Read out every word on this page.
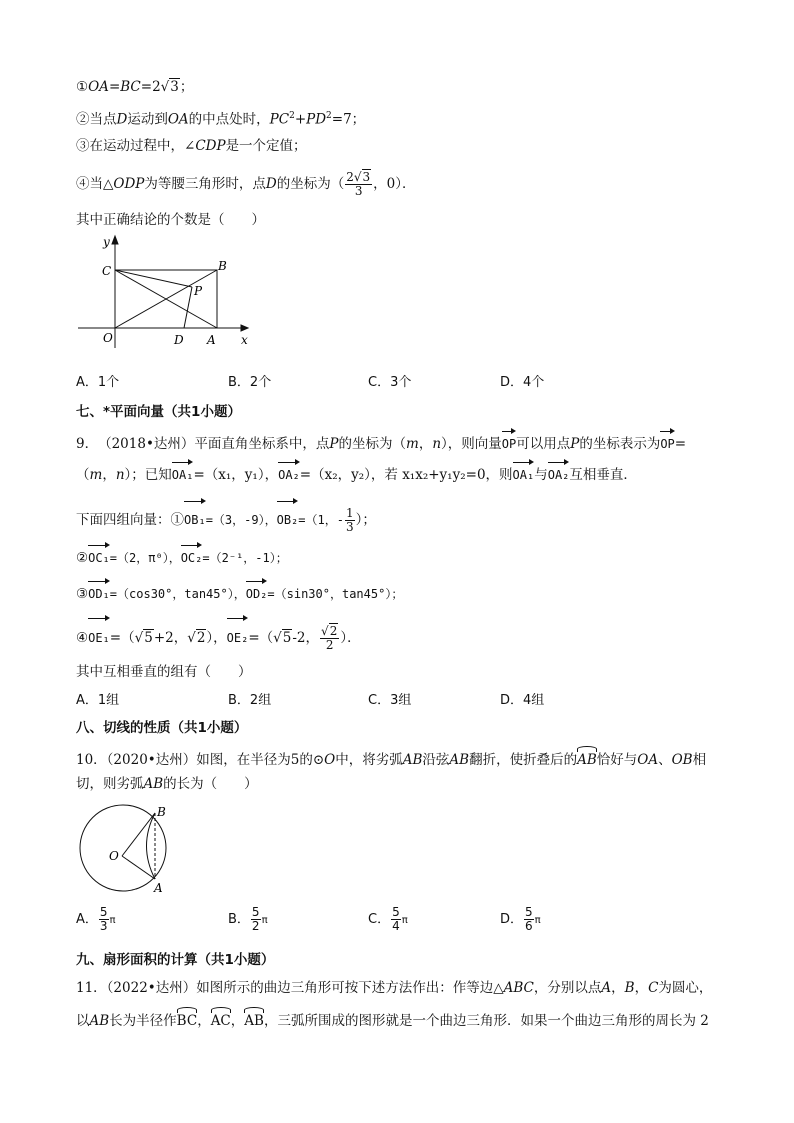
①OA=BC=2√3；
②当点D运动到OA的中点处时，$PC^2+PD^2=7$；
③在运动过程中，∠CDP是一个定值；
④当△ODP为等腰三角形时，点D的坐标为（ $\frac{2√3}{3}$ ，0）．
其中正确结论的个数是（　　）
y
x
C	B
P
O	D A
A．1个	B．2个	C．3个	D．4个
七、*平面向量（共1小题）
9．　（2018•达州）平面直角坐标系中，点P的坐标为（m，n），则向量OP可以用点P的坐标表示为OP=
（m，n）；已知OA₁=（x₁，y₁），OA₂=（x₂，y₂），若 x₁x₂+y₁y₂=0，则OA₁与OA₂互相垂直．
下面四组向量：①OB₁=（3，-9），OB₂=（1，- $\frac{1}{3}$ ）；
②OC₁=（2，π⁰），OC₂=（2⁻¹，-1）；
③OD₁=（cos30°，tan45°），OD₂=（sin30°，tan45°）；
④OE₁=（√5+2，√2），OE₂=（√5-2， $\frac{√2}{2}$ ）．
其中互相垂直的组有（　　）
A．1组	B．2组	C．3组	D．4组
八、切线的性质（共1小题）
10．（2020•达州）如图，在半径为5的⊙O中，将劣弧AB沿弦AB翻折，使折叠后的AB恰好与OA、OB相
切，则劣弧AB的长为（　　）
O
B
A
A． $\frac{5}{3}$ π	B． $\frac{5}{2}$ π	C． $\frac{5}{4}$ π	D． $\frac{5}{6}$ π
九、扇形面积的计算（共1小题）
11．（2022•达州）如图所示的曲边三角形可按下述方法作出：作等边△ABC，分别以点A，B，C为圆心，
以AB长为半径作BC，AC，AB，三弧所围成的图形就是一个曲边三角形．如果一个曲边三角形的周长为 2
